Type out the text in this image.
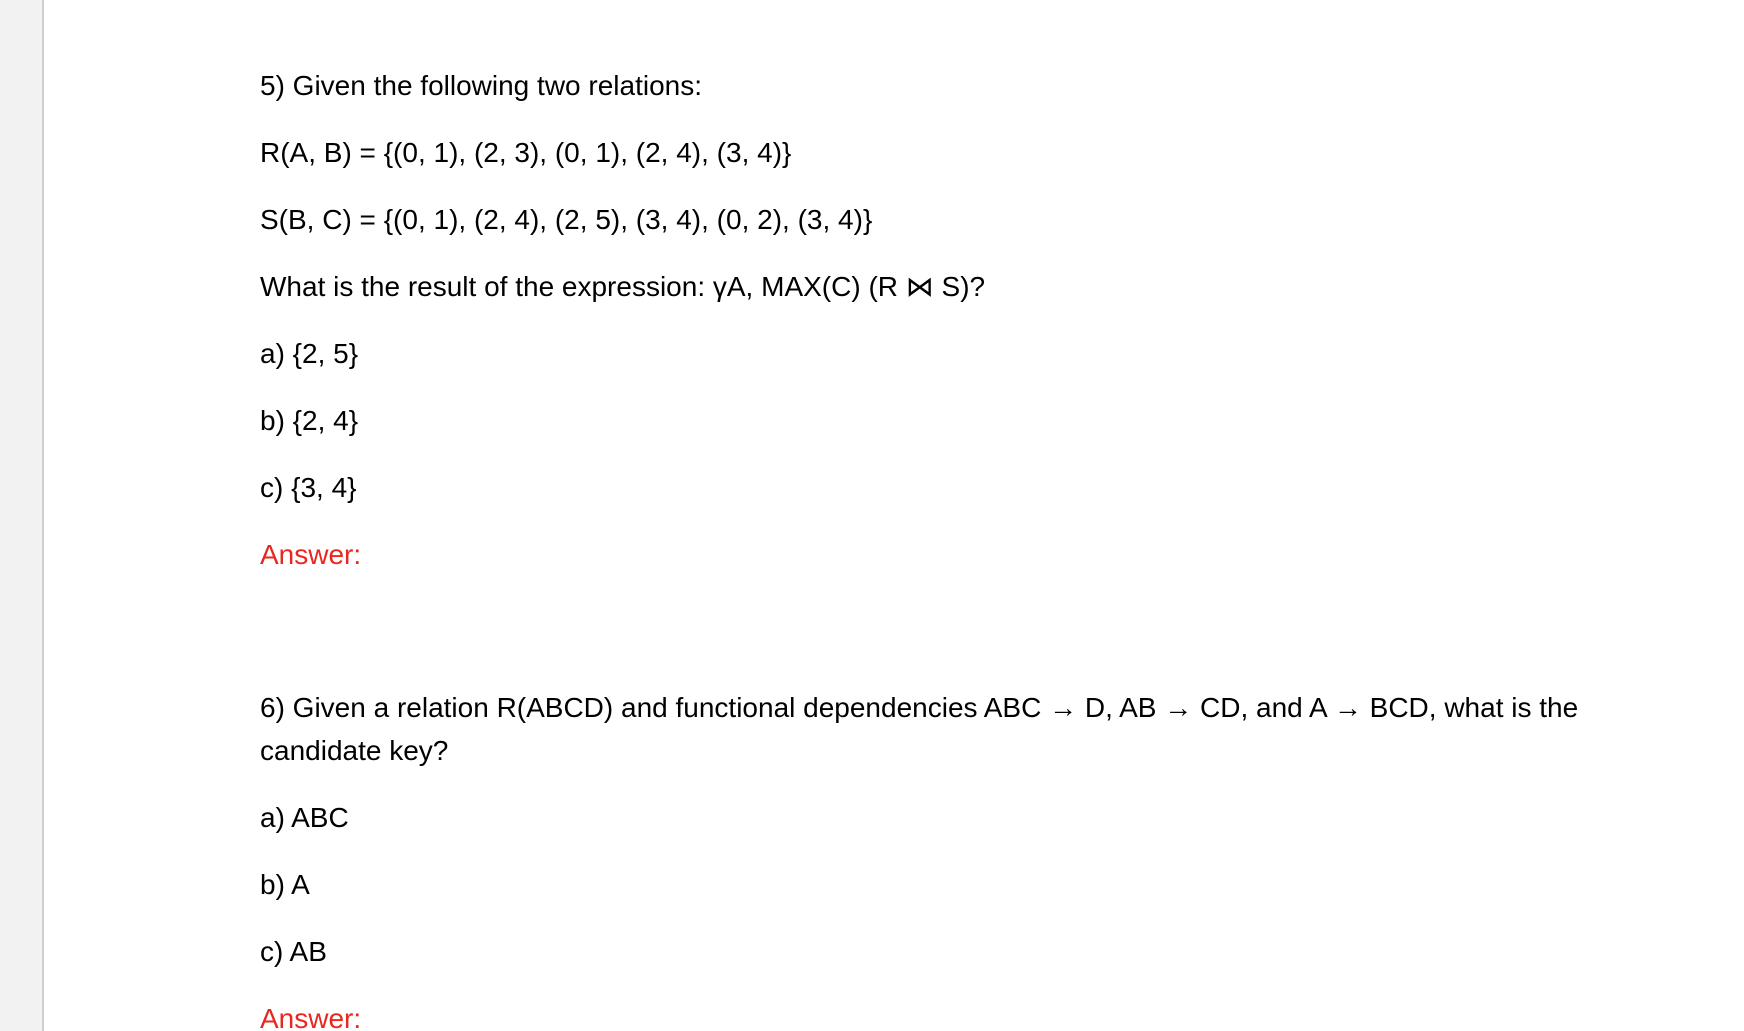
5) Given the following two relations:

R(A, B) = {(0, 1), (2, 3), (0, 1), (2, 4), (3, 4)}

S(B, C) = {(0, 1), (2, 4), (2, 5), (3, 4), (0, 2), (3, 4)}

What is the result of the expression: γA, MAX(C) (R ⋈ S)?

a) {2, 5}

b) {2, 4}

c) {3, 4}

Answer:

6) Given a relation R(ABCD) and functional dependencies ABC → D, AB → CD, and A → BCD, what is the candidate key?

a) ABC

b) A

c) AB

Answer:
